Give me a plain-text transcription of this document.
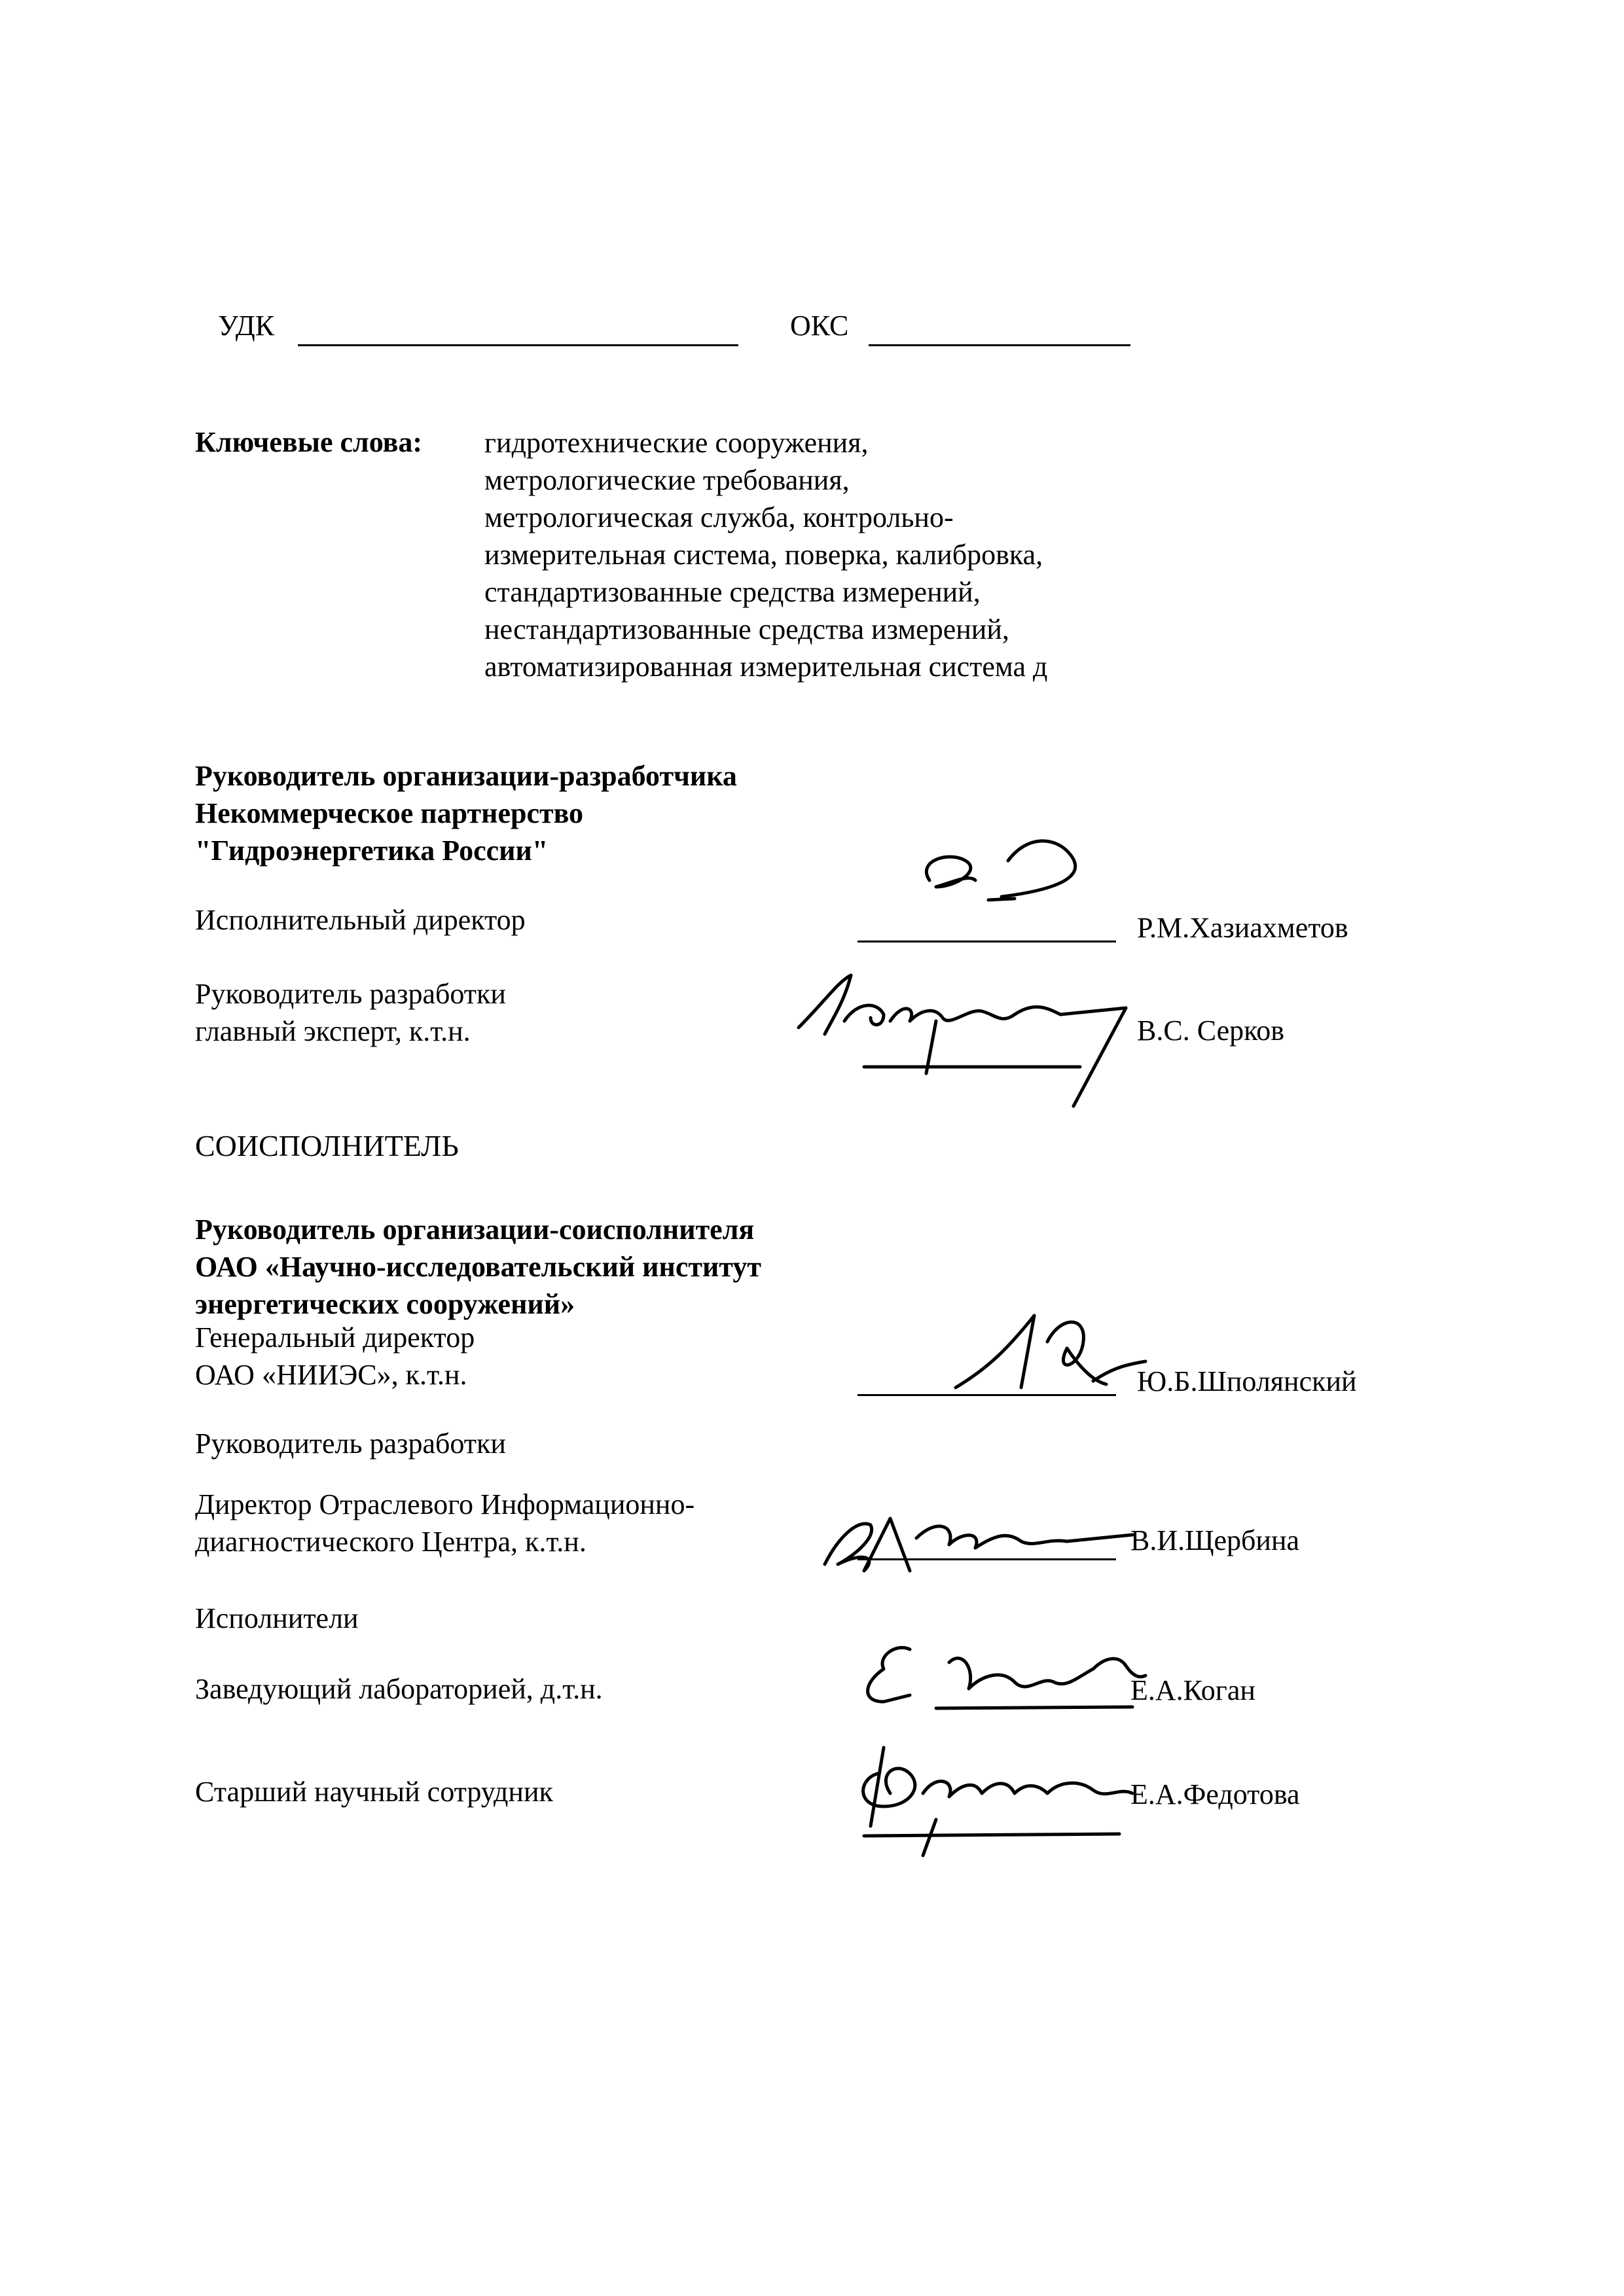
УДК	ОКС
Ключевые слова: гидротехнические сооружения,
метрологические требования,
метрологическая служба, контрольно-
измерительная система, поверка, калибровка,
стандартизованные средства измерений,
нестандартизованные средства измерений,
автоматизированная измерительная система д
Руководитель организации-разработчика
Некоммерческое партнерство
"Гидроэнергетика России"
Исполнительный директор	Р.М.Хазиахметов
Руководитель разработки
главный эксперт, к.т.н.	В.С. Серков
СОИСПОЛНИТЕЛЬ
Руководитель организации-соисполнителя
ОАО «Научно-исследовательский институт
энергетических сооружений»
Генеральный директор
ОАО «НИИЭС», к.т.н.	Ю.Б.Шполянский
Руководитель разработки
Директор Отраслевого Информационно-
диагностического Центра, к.т.н.	В.И.Щербина
Исполнители
Заведующий лабораторией, д.т.н.	Е.А.Коган
Старший научный сотрудник	Е.А.Федотова
